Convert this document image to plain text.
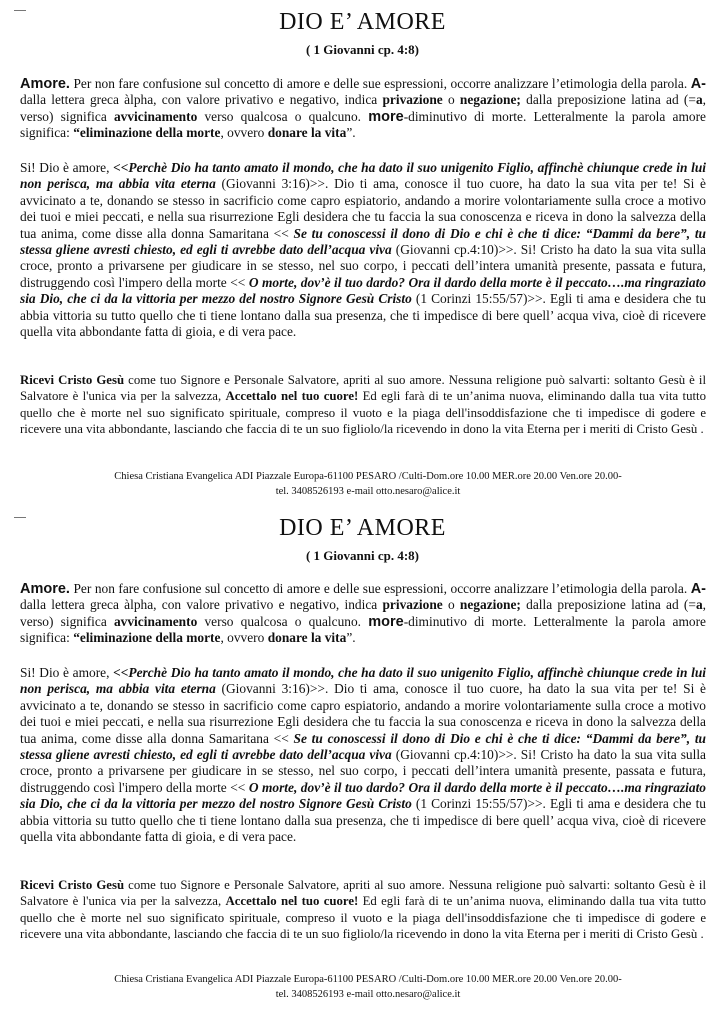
DIO E’ AMORE
( 1 Giovanni cp. 4:8)
Amore. Per non fare confusione sul concetto di amore e delle sue espressioni, occorre analizzare l’etimologia della parola. A- dalla lettera greca àlpha, con valore privativo e negativo, indica privazione o negazione; dalla preposizione latina ad (=a, verso) significa avvicinamento verso qualcosa o qualcuno. more-diminutivo di morte. Letteralmente la parola amore significa: “eliminazione della morte, ovvero donare la vita”.
Si! Dio è amore, <<Perchè Dio ha tanto amato il mondo, che ha dato il suo unigenito Figlio, affinchè chiunque crede in lui non perisca, ma abbia vita eterna (Giovanni 3:16)>>. Dio ti ama, conosce il tuo cuore, ha dato la sua vita per te! Si è avvicinato a te, donando se stesso in sacrificio come capro espiatorio, andando a morire volontariamente sulla croce a motivo dei tuoi e miei peccati, e nella sua risurrezione Egli desidera che tu faccia la sua conoscenza e riceva in dono la salvezza della tua anima, come disse alla donna Samaritana << Se tu conoscessi il dono di Dio e chi è che ti dice: “Dammi da bere”, tu stessa gliene avresti chiesto, ed egli ti avrebbe dato dell’acqua viva (Giovanni cp.4:10)>>. Si! Cristo ha dato la sua vita sulla croce, pronto a privarsene per giudicare in se stesso, nel suo corpo, i peccati dell’intera umanità presente, passata e futura, distruggendo così l'impero della morte << O morte, dov’è il tuo dardo? Ora il dardo della morte è il peccato….ma ringraziato sia Dio, che ci da la vittoria per mezzo del nostro Signore Gesù Cristo (1 Corinzi 15:55/57)>>. Egli ti ama e desidera che tu abbia vittoria su tutto quello che ti tiene lontano dalla sua presenza, che ti impedisce di bere quell’ acqua viva, cioè di ricevere quella vita abbondante fatta di gioia, e di vera pace.
Ricevi Cristo Gesù come tuo Signore e Personale Salvatore, apriti al suo amore. Nessuna religione può salvarti: soltanto Gesù è il Salvatore è l'unica via per la salvezza, Accettalo nel tuo cuore! Ed egli farà di te un’anima nuova, eliminando dalla tua vita tutto quello che è morte nel suo significato spirituale, compreso il vuoto e la piaga dell'insoddisfazione che ti impedisce di godere e ricevere una vita abbondante, lasciando che faccia di te un suo figliolo/la ricevendo in dono la vita Eterna per i meriti di Cristo Gesù .
Chiesa Cristiana Evangelica ADI Piazzale Europa-61100 PESARO /Culti-Dom.ore 10.00 MER.ore 20.00 Ven.ore 20.00-
tel. 3408526193 e-mail otto.nesaro@alice.it
DIO E’ AMORE
( 1 Giovanni cp. 4:8)
Amore. Per non fare confusione sul concetto di amore e delle sue espressioni, occorre analizzare l’etimologia della parola. A- dalla lettera greca àlpha, con valore privativo e negativo, indica privazione o negazione; dalla preposizione latina ad (=a, verso) significa avvicinamento verso qualcosa o qualcuno. more-diminutivo di morte. Letteralmente la parola amore significa: “eliminazione della morte, ovvero donare la vita”.
Si! Dio è amore, <<Perchè Dio ha tanto amato il mondo, che ha dato il suo unigenito Figlio, affinchè chiunque crede in lui non perisca, ma abbia vita eterna (Giovanni 3:16)>>. Dio ti ama, conosce il tuo cuore, ha dato la sua vita per te! Si è avvicinato a te, donando se stesso in sacrificio come capro espiatorio, andando a morire volontariamente sulla croce a motivo dei tuoi e miei peccati, e nella sua risurrezione Egli desidera che tu faccia la sua conoscenza e riceva in dono la salvezza della tua anima, come disse alla donna Samaritana << Se tu conoscessi il dono di Dio e chi è che ti dice: “Dammi da bere”, tu stessa gliene avresti chiesto, ed egli ti avrebbe dato dell’acqua viva (Giovanni cp.4:10)>>. Si! Cristo ha dato la sua vita sulla croce, pronto a privarsene per giudicare in se stesso, nel suo corpo, i peccati dell’intera umanità presente, passata e futura, distruggendo così l'impero della morte << O morte, dov’è il tuo dardo? Ora il dardo della morte è il peccato….ma ringraziato sia Dio, che ci da la vittoria per mezzo del nostro Signore Gesù Cristo (1 Corinzi 15:55/57)>>. Egli ti ama e desidera che tu abbia vittoria su tutto quello che ti tiene lontano dalla sua presenza, che ti impedisce di bere quell’ acqua viva, cioè di ricevere quella vita abbondante fatta di gioia, e di vera pace.
Ricevi Cristo Gesù come tuo Signore e Personale Salvatore, apriti al suo amore. Nessuna religione può salvarti: soltanto Gesù è il Salvatore è l'unica via per la salvezza, Accettalo nel tuo cuore! Ed egli farà di te un’anima nuova, eliminando dalla tua vita tutto quello che è morte nel suo significato spirituale, compreso il vuoto e la piaga dell'insoddisfazione che ti impedisce di godere e ricevere una vita abbondante, lasciando che faccia di te un suo figliolo/la ricevendo in dono la vita Eterna per i meriti di Cristo Gesù .
Chiesa Cristiana Evangelica ADI Piazzale Europa-61100 PESARO /Culti-Dom.ore 10.00 MER.ore 20.00 Ven.ore 20.00-
tel. 3408526193 e-mail otto.nesaro@alice.it
